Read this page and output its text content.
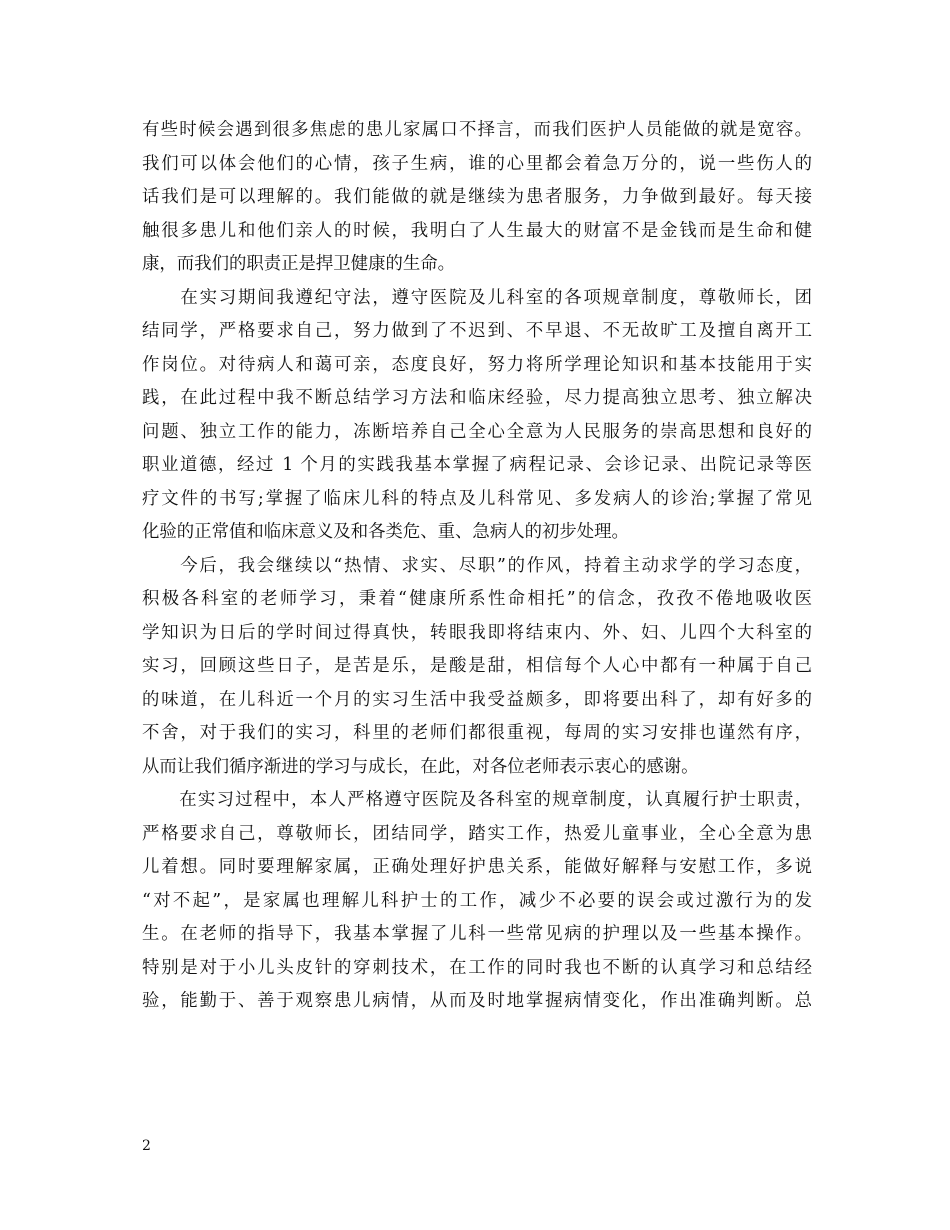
有些时候会遇到很多焦虑的患儿家属口不择言，而我们医护人员能做的就是宽容。
我们可以体会他们的心情，孩子生病，谁的心里都会着急万分的，说一些伤人的
话我们是可以理解的。我们能做的就是继续为患者服务，力争做到最好。每天接
触很多患儿和他们亲人的时候，我明白了人生最大的财富不是金钱而是生命和健
康，而我们的职责正是捍卫健康的生命。
　　在实习期间我遵纪守法，遵守医院及儿科室的各项规章制度，尊敬师长，团
结同学，严格要求自己，努力做到了不迟到、不早退、不无故旷工及擅自离开工
作岗位。对待病人和蔼可亲，态度良好，努力将所学理论知识和基本技能用于实
践，在此过程中我不断总结学习方法和临床经验，尽力提高独立思考、独立解决
问题、独立工作的能力，冻断培养自己全心全意为人民服务的崇高思想和良好的
职业道德，经过 1 个月的实践我基本掌握了病程记录、会诊记录、出院记录等医
疗文件的书写;掌握了临床儿科的特点及儿科常见、多发病人的诊治;掌握了常见
化验的正常值和临床意义及和各类危、重、急病人的初步处理。
　　今后，我会继续以“热情、求实、尽职”的作风，持着主动求学的学习态度，
积极各科室的老师学习，秉着“健康所系性命相托”的信念，孜孜不倦地吸收医
学知识为日后的学时间过得真快，转眼我即将结束内、外、妇、儿四个大科室的
实习，回顾这些日子，是苦是乐，是酸是甜，相信每个人心中都有一种属于自己
的味道，在儿科近一个月的实习生活中我受益颇多，即将要出科了，却有好多的
不舍，对于我们的实习，科里的老师们都很重视，每周的实习安排也谨然有序，
从而让我们循序渐进的学习与成长，在此，对各位老师表示衷心的感谢。
　　在实习过程中，本人严格遵守医院及各科室的规章制度，认真履行护士职责，
严格要求自己，尊敬师长，团结同学，踏实工作，热爱儿童事业，全心全意为患
儿着想。同时要理解家属，正确处理好护患关系，能做好解释与安慰工作，多说
“对不起”，是家属也理解儿科护士的工作，减少不必要的误会或过激行为的发
生。在老师的指导下，我基本掌握了儿科一些常见病的护理以及一些基本操作。
特别是对于小儿头皮针的穿刺技术，在工作的同时我也不断的认真学习和总结经
验，能勤于、善于观察患儿病情，从而及时地掌握病情变化，作出准确判断。总
2
